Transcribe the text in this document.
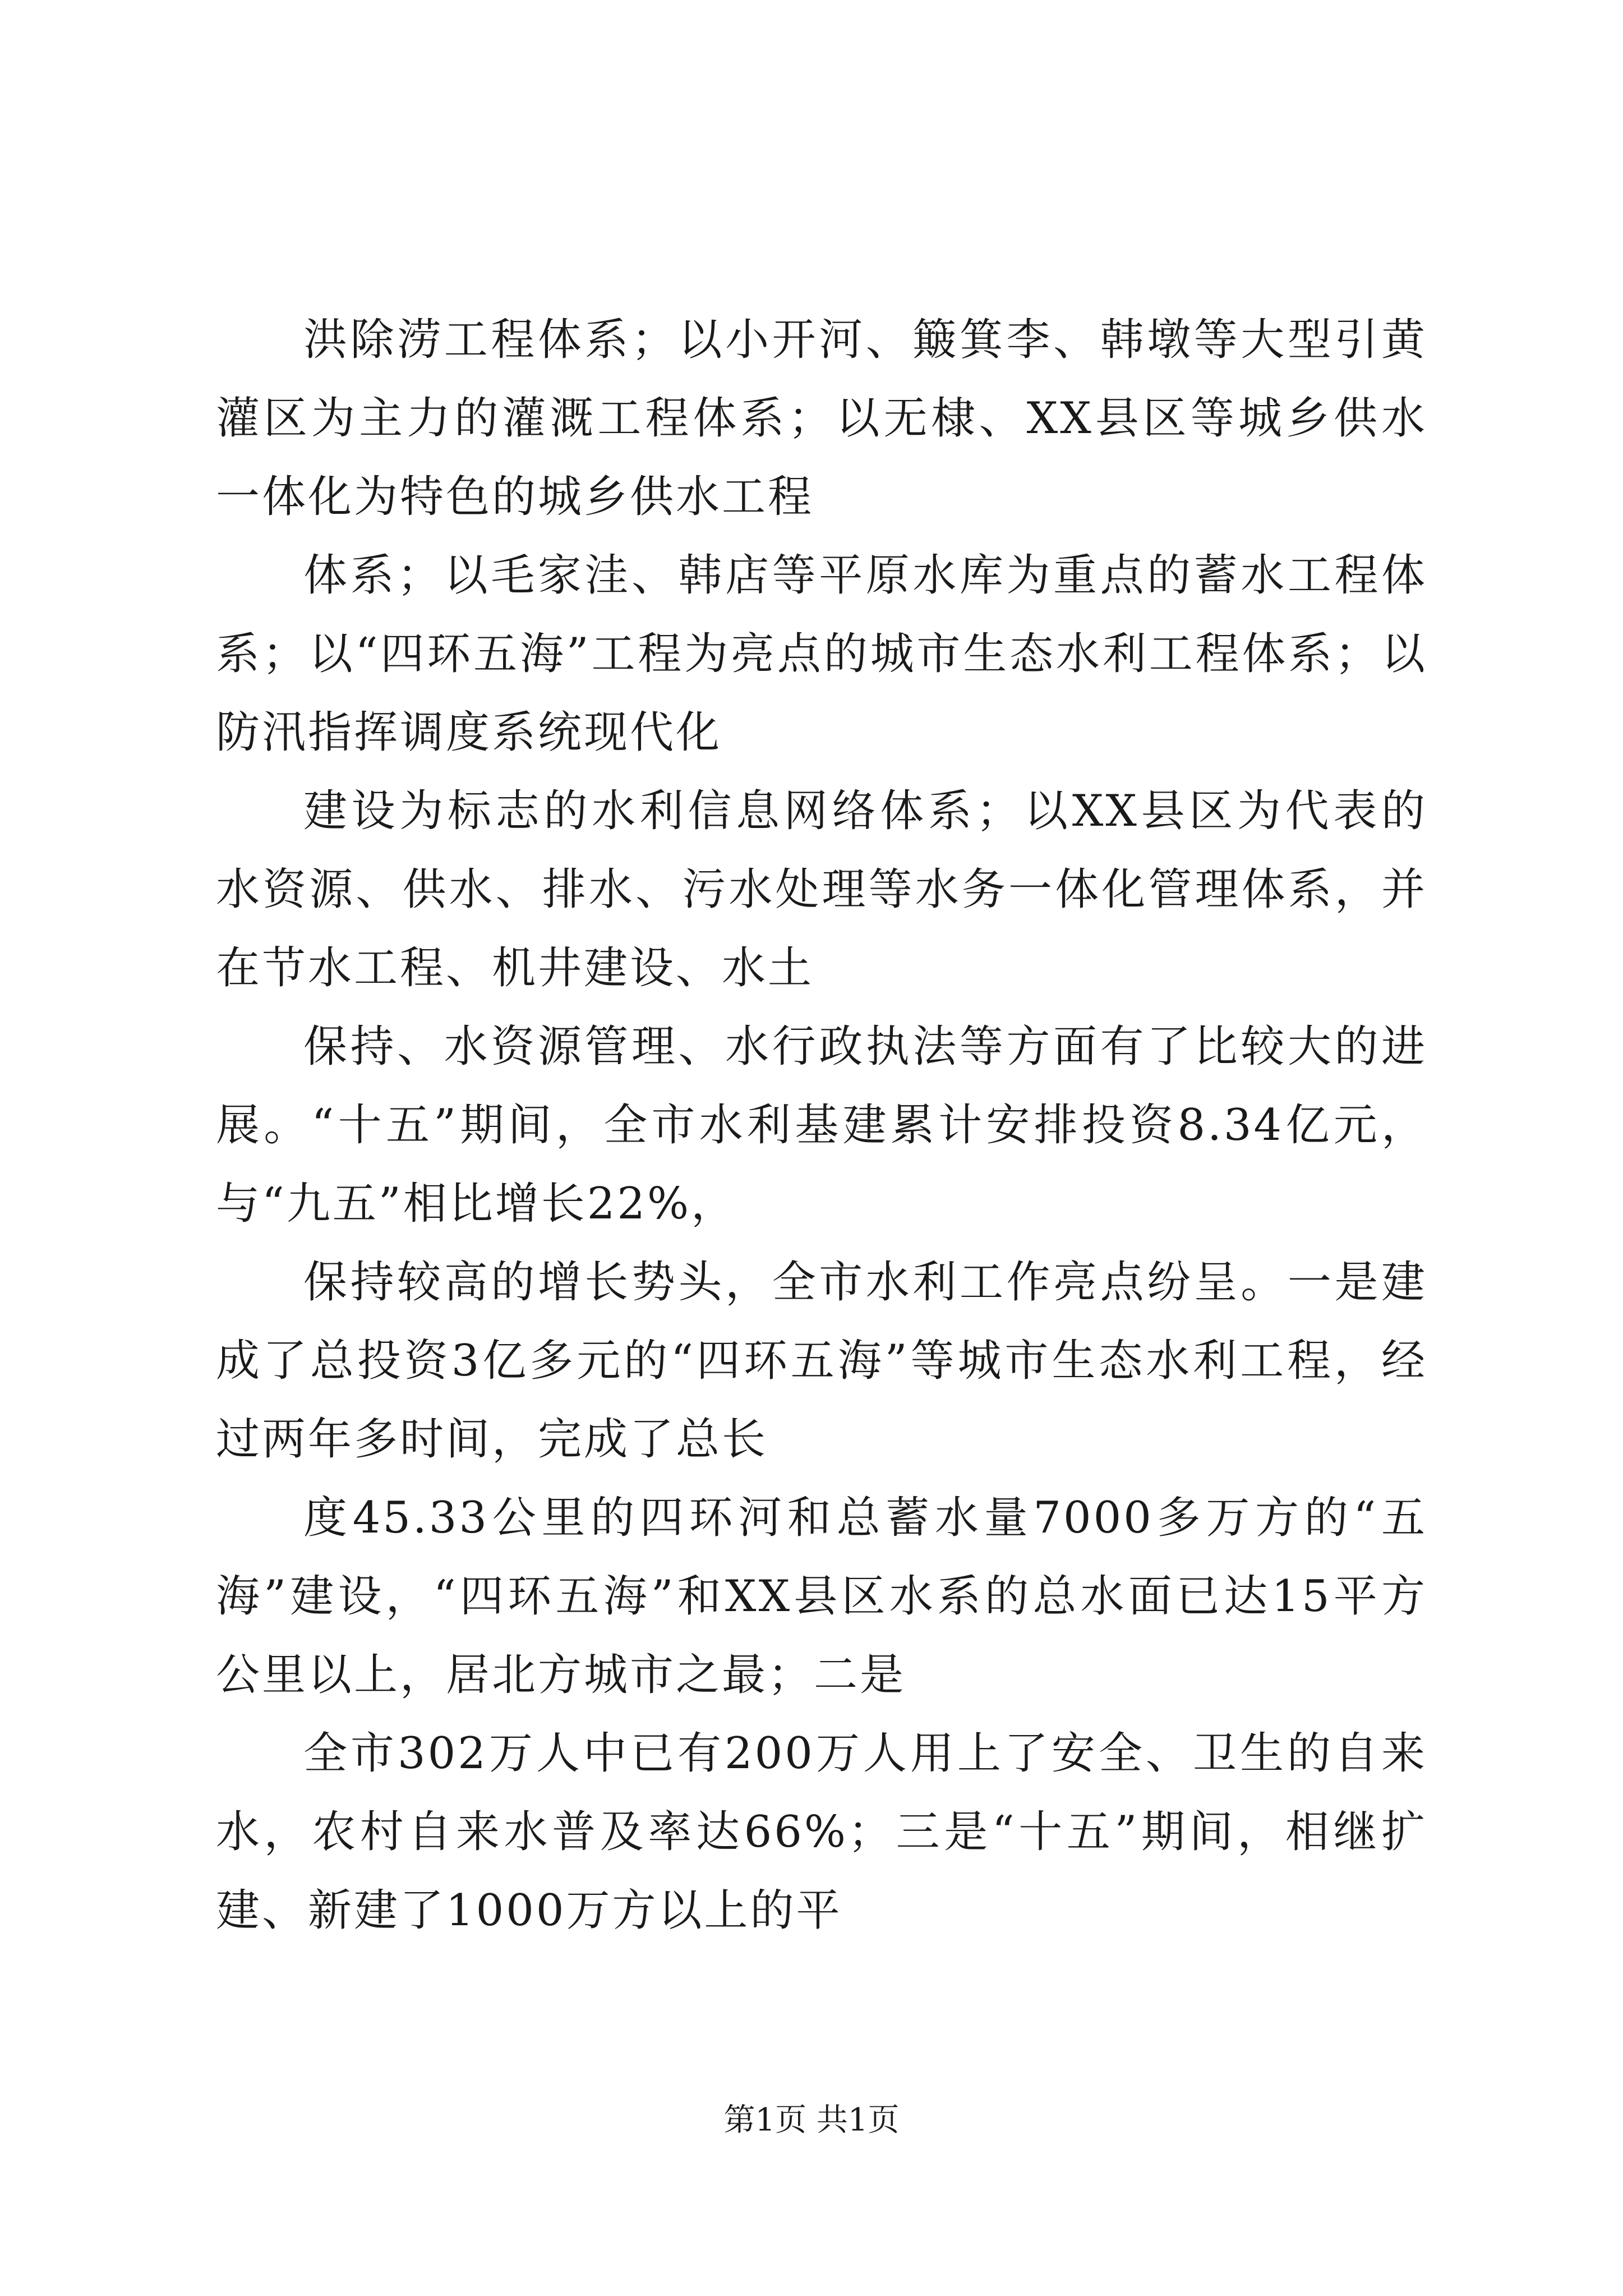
洪除涝工程体系；以小开河、簸箕李、韩墩等大型引黄灌区为主力的灌溉工程体系；以无棣、XX县区等城乡供水一体化为特色的城乡供水工程

体系；以毛家洼、韩店等平原水库为重点的蓄水工程体系；以“四环五海”工程为亮点的城市生态水利工程体系；以防汛指挥调度系统现代化

建设为标志的水利信息网络体系；以XX县区为代表的水资源、供水、排水、污水处理等水务一体化管理体系，并在节水工程、机井建设、水土

保持、水资源管理、水行政执法等方面有了比较大的进展。“十五”期间，全市水利基建累计安排投资8.34亿元，与“九五”相比增长22%，

保持较高的增长势头，全市水利工作亮点纷呈。一是建成了总投资3亿多元的“四环五海”等城市生态水利工程，经过两年多时间，完成了总长

度45.33公里的四环河和总蓄水量7000多万方的“五海”建设，“四环五海”和XX县区水系的总水面已达15平方公里以上，居北方城市之最；二是

全市302万人中已有200万人用上了安全、卫生的自来水，农村自来水普及率达66%；三是“十五”期间，相继扩建、新建了1000万方以上的平

第1页 共1页
